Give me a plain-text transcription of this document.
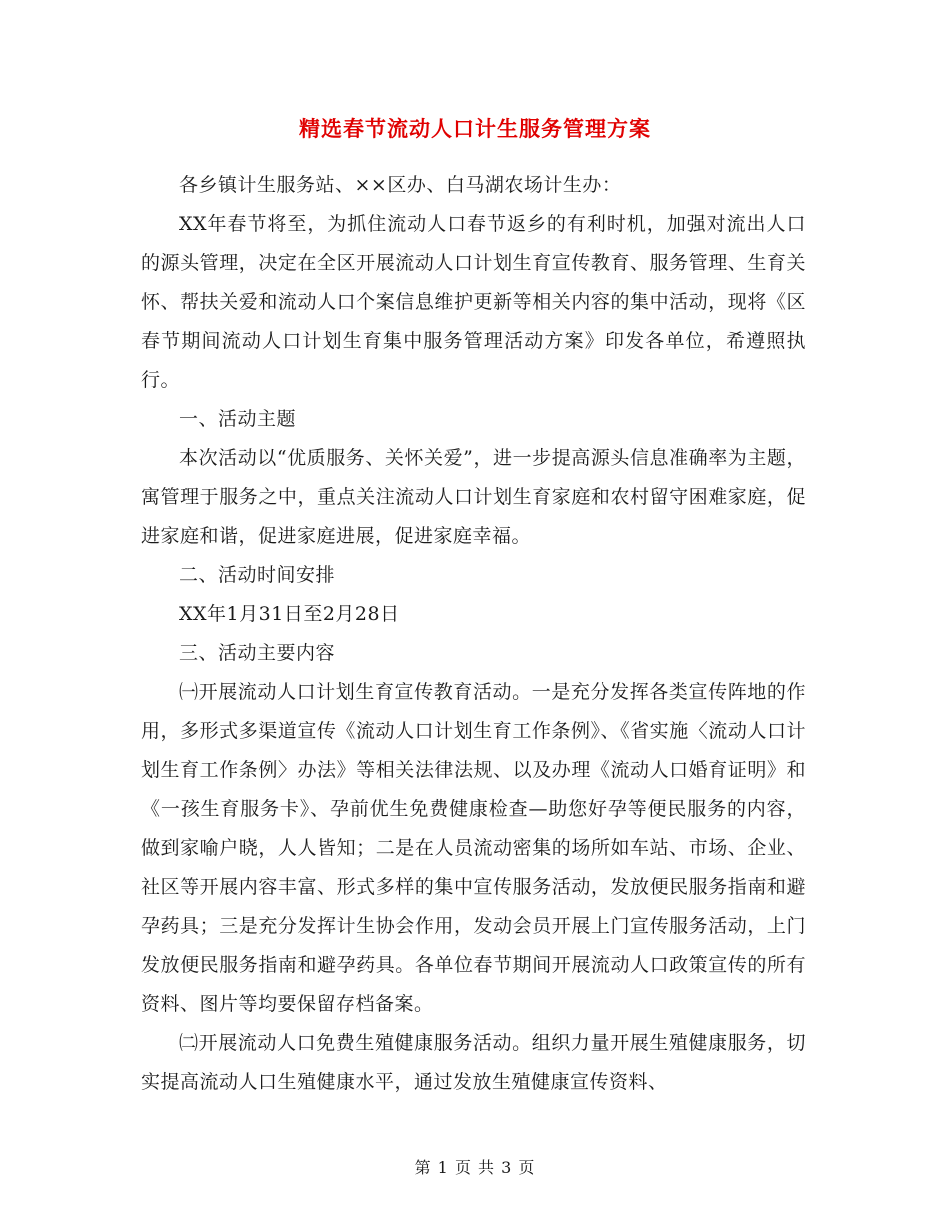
精选春节流动人口计生服务管理方案

各乡镇计生服务站、××区办、白马湖农场计生办：

XX年春节将至，为抓住流动人口春节返乡的有利时机，加强对流出人口的源头管理，决定在全区开展流动人口计划生育宣传教育、服务管理、生育关怀、帮扶关爱和流动人口个案信息维护更新等相关内容的集中活动，现将《区春节期间流动人口计划生育集中服务管理活动方案》印发各单位，希遵照执行。

一、活动主题

本次活动以“优质服务、关怀关爱”，进一步提高源头信息准确率为主题，寓管理于服务之中，重点关注流动人口计划生育家庭和农村留守困难家庭，促进家庭和谐，促进家庭进展，促进家庭幸福。

二、活动时间安排

XX年1月31日至2月28日

三、活动主要内容

㈠开展流动人口计划生育宣传教育活动。一是充分发挥各类宣传阵地的作用，多形式多渠道宣传《流动人口计划生育工作条例》、《省实施〈流动人口计划生育工作条例〉办法》等相关法律法规、以及办理《流动人口婚育证明》和《一孩生育服务卡》、孕前优生免费健康检查—助您好孕等便民服务的内容，做到家喻户晓，人人皆知；二是在人员流动密集的场所如车站、市场、企业、社区等开展内容丰富、形式多样的集中宣传服务活动，发放便民服务指南和避孕药具；三是充分发挥计生协会作用，发动会员开展上门宣传服务活动，上门发放便民服务指南和避孕药具。各单位春节期间开展流动人口政策宣传的所有资料、图片等均要保留存档备案。

㈡开展流动人口免费生殖健康服务活动。组织力量开展生殖健康服务，切实提高流动人口生殖健康水平，通过发放生殖健康宣传资料、

第 1 页 共 3 页
